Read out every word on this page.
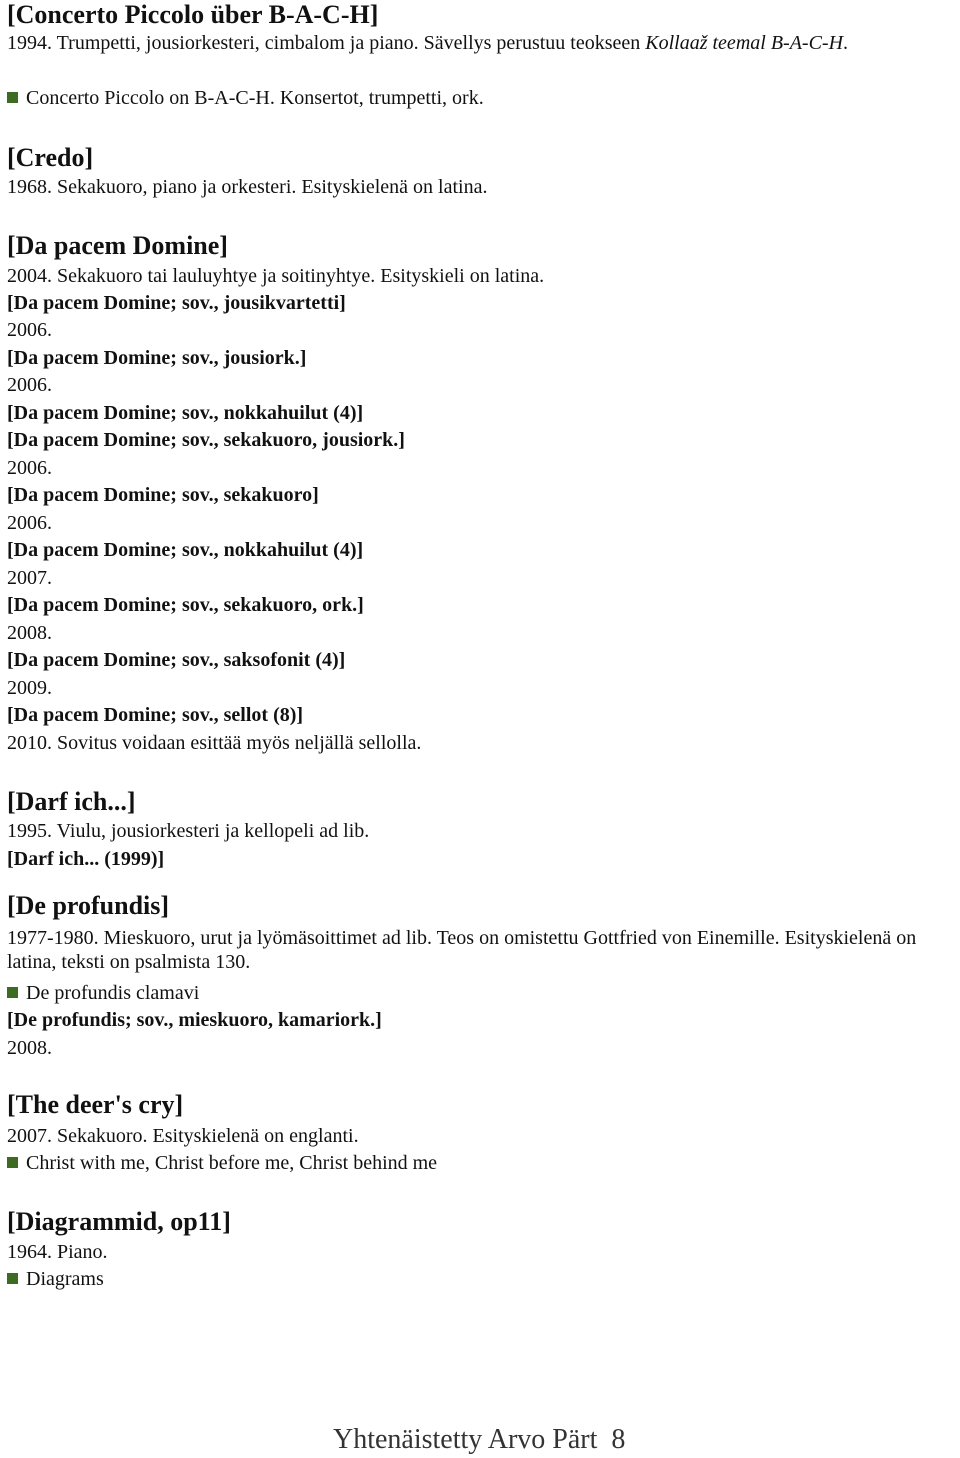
[Concerto Piccolo über B-A-C-H]
1994. Trumpetti, jousiorkesteri, cimbalom ja piano. Sävellys perustuu teokseen Kollaaž teemal B-A-C-H.
Concerto Piccolo on B-A-C-H. Konsertot, trumpetti, ork.
[Credo]
1968. Sekakuoro, piano ja orkesteri. Esityskielenä on latina.
[Da pacem Domine]
2004. Sekakuoro tai lauluyhtye ja soitinyhtye. Esityskieli on latina.
[Da pacem Domine; sov., jousikvartetti]
2006.
[Da pacem Domine; sov., jousiork.]
2006.
[Da pacem Domine; sov., nokkahuilut (4)]
[Da pacem Domine; sov., sekakuoro, jousiork.]
2006.
[Da pacem Domine; sov., sekakuoro]
2006.
[Da pacem Domine; sov., nokkahuilut (4)]
2007.
[Da pacem Domine; sov., sekakuoro, ork.]
2008.
[Da pacem Domine; sov., saksofonit (4)]
2009.
[Da pacem Domine; sov., sellot (8)]
2010. Sovitus voidaan esittää myös neljällä sellolla.
[Darf ich...]
1995. Viulu, jousiorkesteri ja kellopeli ad lib.
[Darf ich... (1999)]
[De profundis]
1977-1980. Mieskuoro, urut ja lyömäsoittimet ad lib. Teos on omistettu Gottfried von Einemille. Esityskielenä on latina, teksti on psalmista 130.
De profundis clamavi
[De profundis; sov., mieskuoro, kamariork.]
2008.
[The deer's cry]
2007. Sekakuoro. Esityskielenä on englanti.
Christ with me, Christ before me, Christ behind me
[Diagrammid, op11]
1964. Piano.
Diagrams
Yhtenäistetty Arvo Pärt 8
